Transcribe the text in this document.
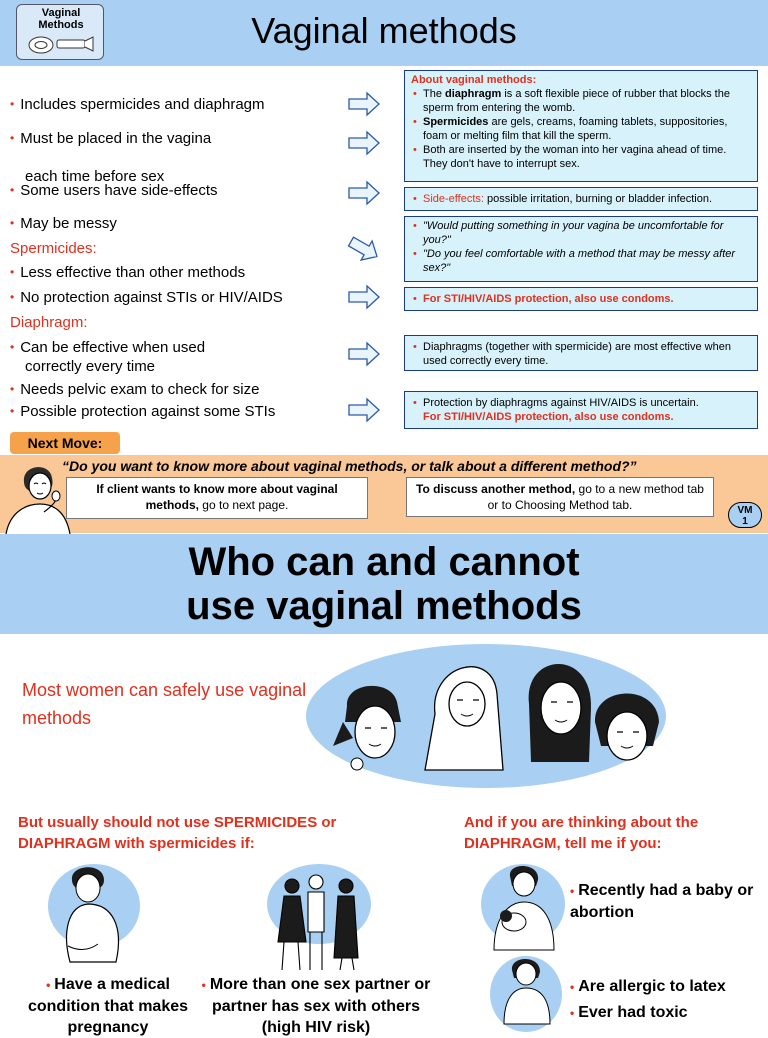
Vaginal
Methods	Vaginal methods
• Includes spermicides and diaphragm
• Must be placed in the vagina
each time before sex
• Some users have side-effects
• May be messy
Spermicides:
• Less effective than other methods
• No protection against STIs or HIV/AIDS
Diaphragm:
• Can be effective when used
correctly every time
• Needs pelvic exam to check for size
• Possible protection against some STIs
About vaginal methods:
• The diaphragm is a soft flexible piece of rubber that blocks the sperm from entering the womb.
• Spermicides are gels, creams, foaming tablets, suppositories, foam or melting film that kill the sperm.
• Both are inserted by the woman into her vagina ahead of time. They don't have to interrupt sex.
• Side-effects: possible irritation, burning or bladder infection.
• "Would putting something in your vagina be uncomfortable for you?"
• "Do you feel comfortable with a method that may be messy after sex?"
• For STI/HIV/AIDS protection, also use condoms.
• Diaphragms (together with spermicide) are most effective when used correctly every time.
• Protection by diaphragms against HIV/AIDS is uncertain.
For STI/HIV/AIDS protection, also use condoms.
Next Move:
“Do you want to know more about vaginal methods, or talk about a different method?”
If client wants to know more about vaginal methods, go to next page.
To discuss another method, go to a new method tab or to Choosing Method tab.	VM
1
Who can and cannot
use vaginal methods
Most women can safely use vaginal methods
But usually should not use SPERMICIDES or DIAPHRAGM with spermicides if:
And if you are thinking about the DIAPHRAGM, tell me if you:
• Have a medical condition that makes pregnancy
• More than one sex partner or partner has sex with others (high HIV risk)
• Recently had a baby or abortion
• Are allergic to latex
• Ever had toxic
